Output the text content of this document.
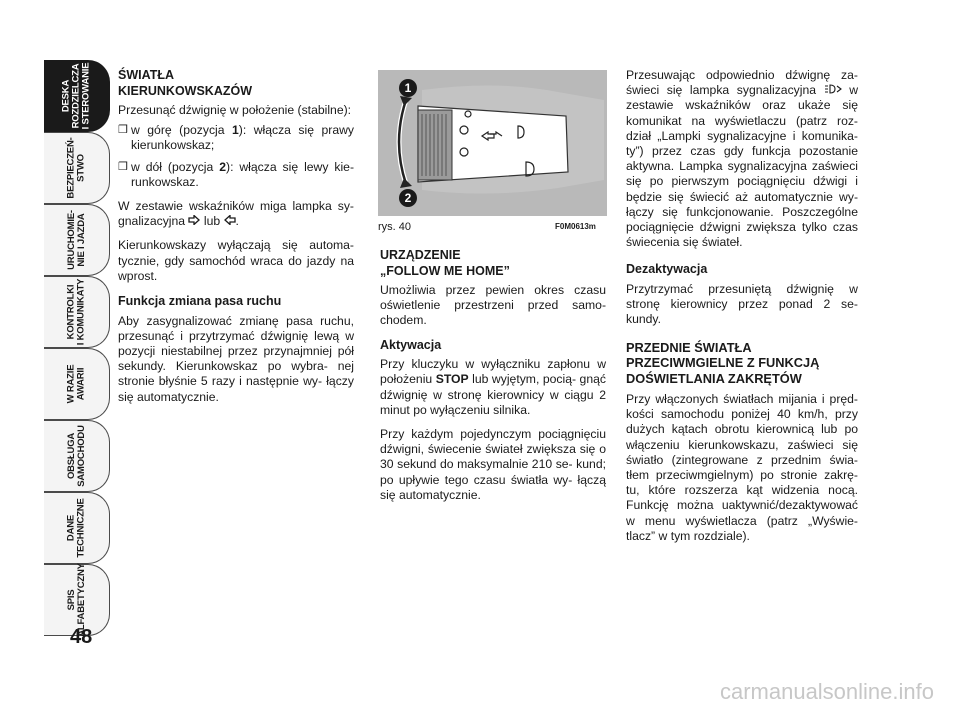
DESKA
ROZDZIELCZA
I STEROWANIE
BEZPIECZEŃ-
STWO
URUCHOMIE-
NIE I JAZDA
KONTROLKI
I KOMUNIKATY
W RAZIE
AWARII
OBSŁUGA
SAMOCHODU
DANE
TECHNICZNE
SPIS
ALFABETYCZNY
48
ŚWIATŁA
KIERUNKOWSKAZÓW

Przesunąć dźwignię w położenie (stabilne):

❒ w górę (pozycja 1): włącza się prawy kierunkowskaz;
❒ w dół (pozycja 2): włącza się lewy kie- runkowskaz.

W zestawie wskaźników miga lampka sy- gnalizacyjna  lub .

Kierunkowskazy wyłączają się automa- tycznie, gdy samochód wraca do jazdy na wprost.

Funkcja zmiana pasa ruchu

Aby zasygnalizować zmianę pasa ruchu, przesunąć i przytrzymać dźwignię lewą w pozycji niestabilnej przez przynajmniej pół sekundy. Kierunkowskaz po wybra- nej stronie błyśnie 5 razy i następnie wy- łączy się automatycznie.

1
2
rys. 40	F0M0613m
URZĄDZENIE
„FOLLOW ME HOME”

Umożliwia przez pewien okres czasu oświetlenie przestrzeni przed samo- chodem.

Aktywacja

Przy kluczyku w wyłączniku zapłonu w położeniu STOP lub wyjętym, pocią- gnąć dźwignię w stronę kierownicy w ciągu 2 minut po wyłączeniu silnika.

Przy każdym pojedynczym pociągnięciu dźwigni, świecenie świateł zwiększa się o 30 sekund do maksymalnie 210 se- kund; po upływie tego czasu światła wy- łączą się automatycznie.

Przesuwając odpowiednio dźwignę za- świeci się lampka sygnalizacyjna  w zestawie wskaźników oraz ukaże się komunikat na wyświetlaczu (patrz roz- dział „Lampki sygnalizacyjne i komunika- ty”) przez czas gdy funkcja pozostanie aktywna. Lampka sygnalizacyjna zaświeci się po pierwszym pociągnięciu dźwigi i będzie się świecić aż automatycznie wy- łączy się funkcjonowanie. Poszczególne pociągnięcie dźwigni zwiększa tylko czas świecenia się świateł.

Dezaktywacja

Przytrzymać przesuniętą dźwignię w stronę kierownicy przez ponad 2 se- kundy.

PRZEDNIE ŚWIATŁA
PRZECIWMGIELNE Z FUNKCJĄ
DOŚWIETLANIA ZAKRĘTÓW

Przy włączonych światłach mijania i pręd- kości samochodu poniżej 40 km/h, przy dużych kątach obrotu kierownicą lub po włączeniu kierunkowskazu, zaświeci się światło (zintegrowane z przednim świa- tłem przeciwmgielnym) po stronie zakrę- tu, które rozszerza kąt widzenia nocą. Funkcję można uaktywnić/dezaktywować w menu wyświetlacza (patrz „Wyświe- tlacz” w tym rozdziale).

carmanualsonline.info
